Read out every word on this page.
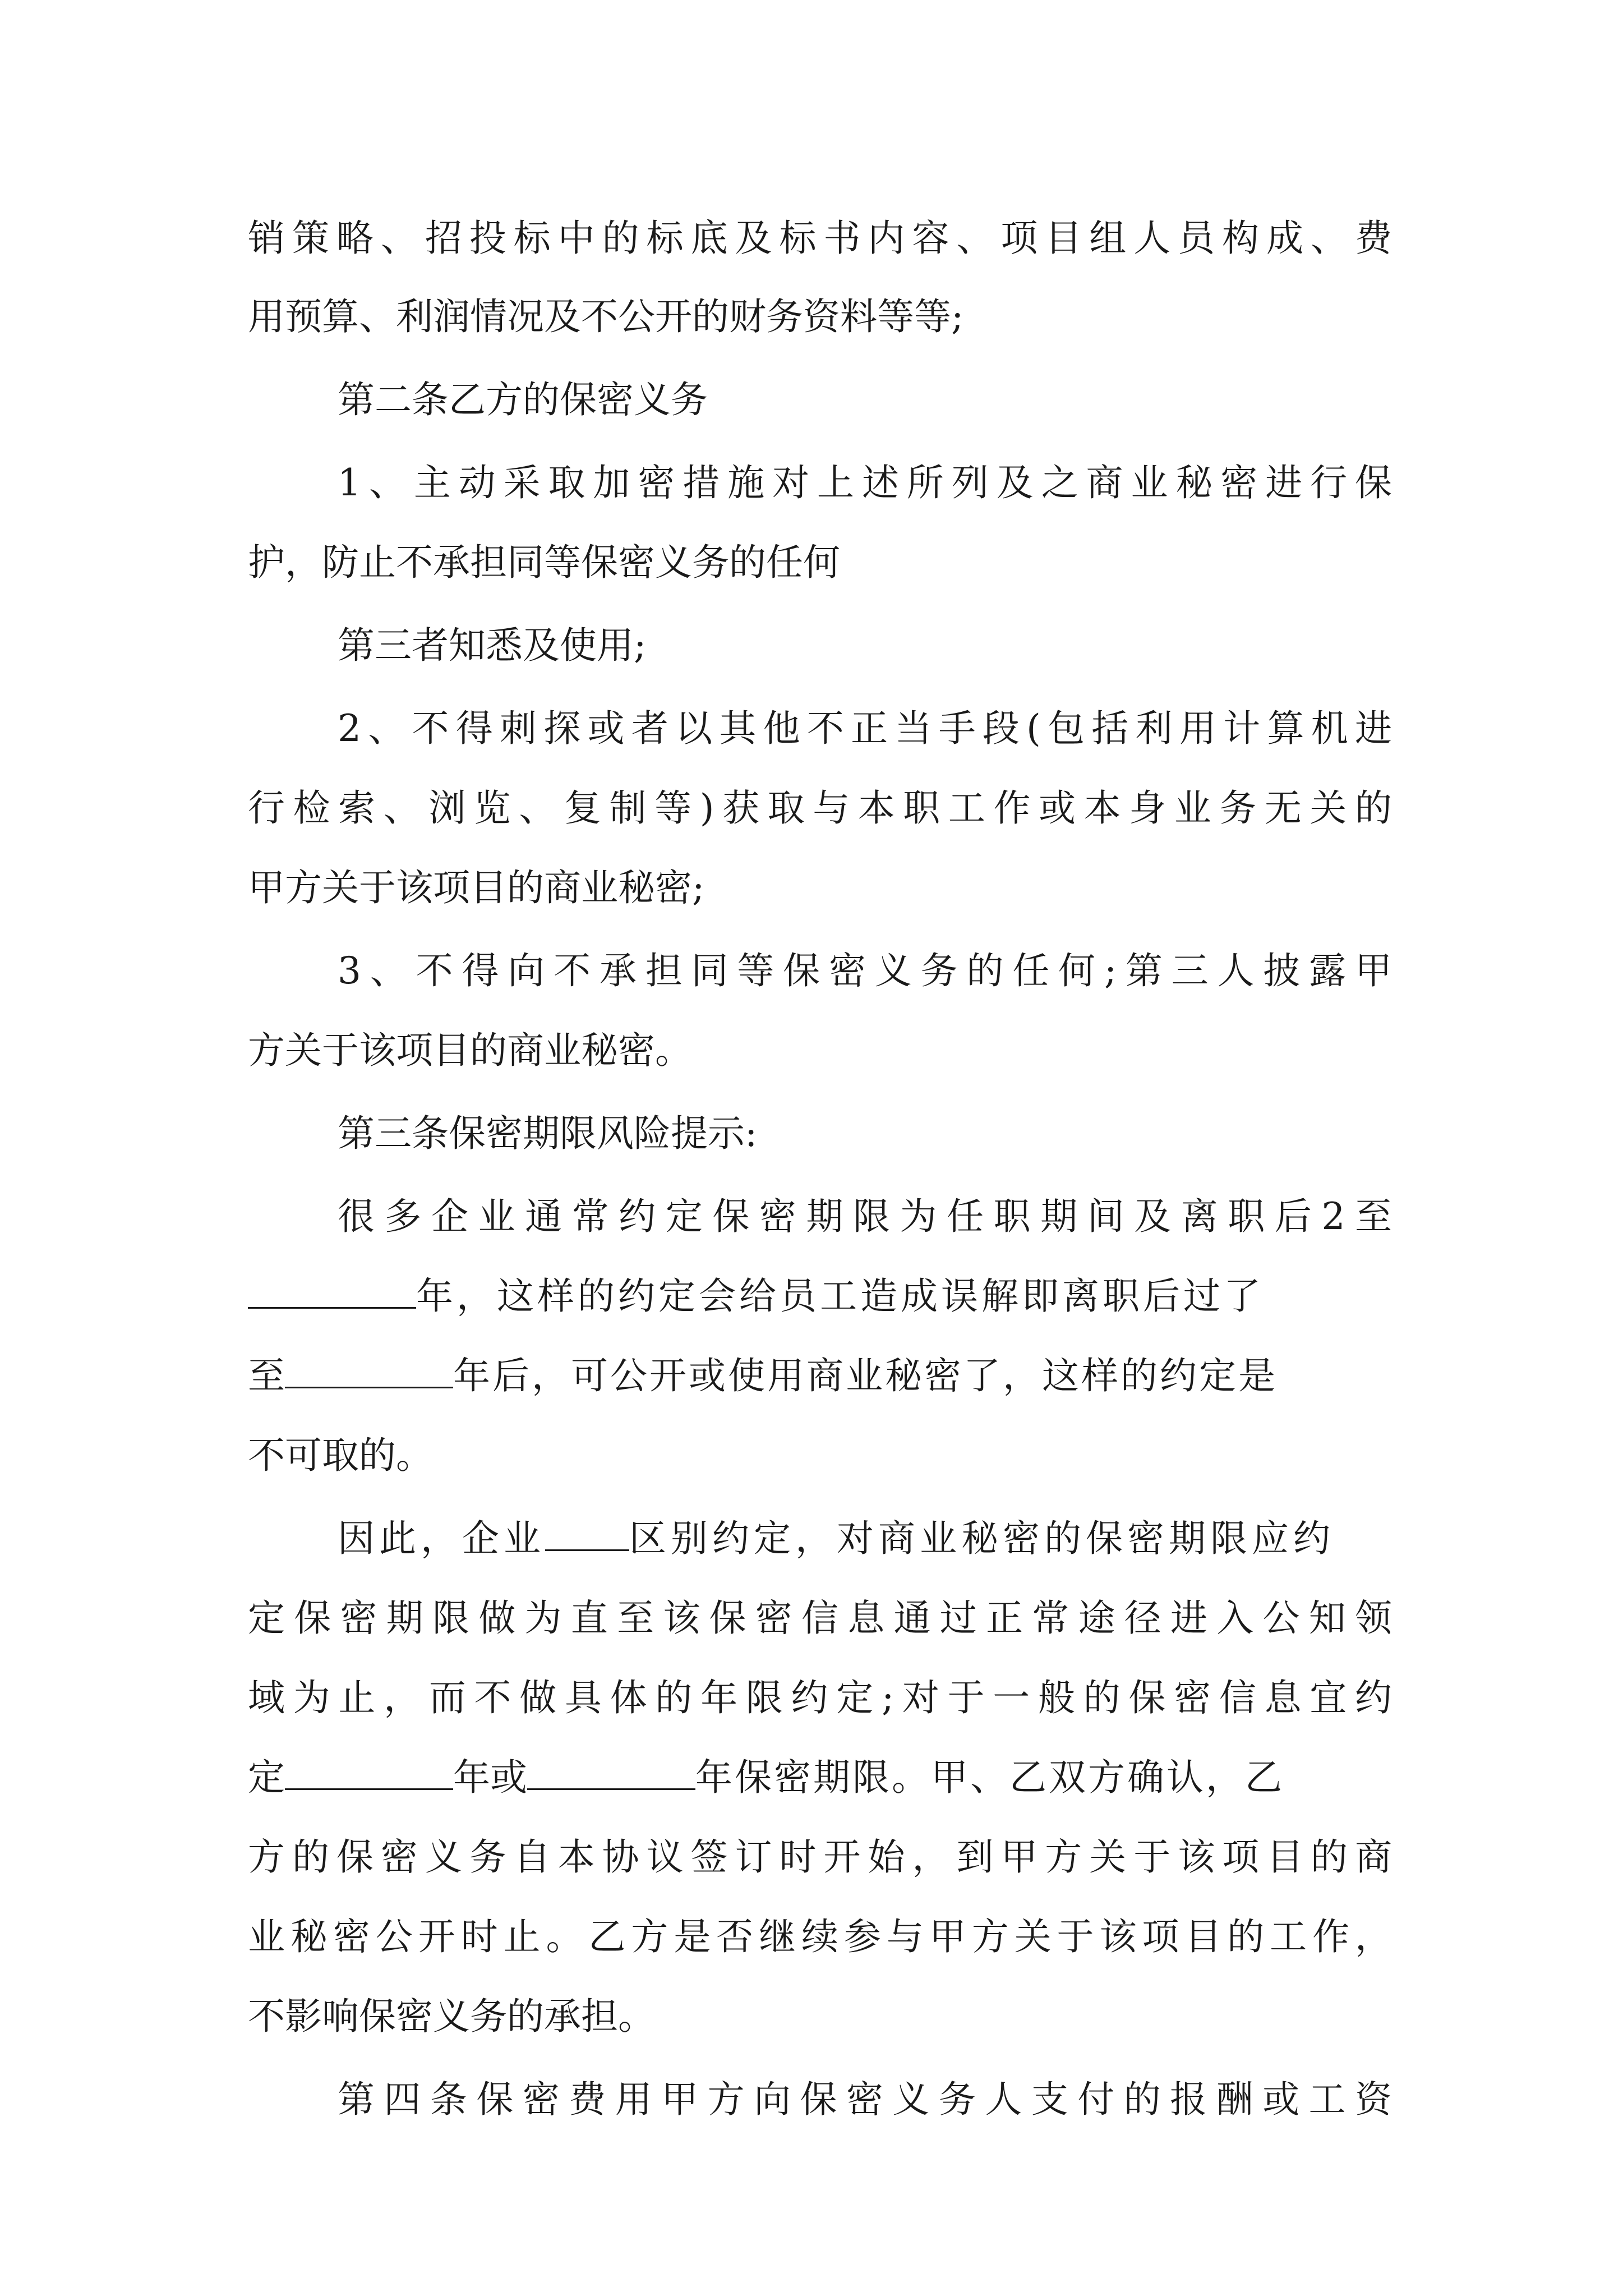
销策略、招投标中的标底及标书内容、项目组人员构成、费
用预算、利润情况及不公开的财务资料等等;
第二条乙方的保密义务
1、主动采取加密措施对上述所列及之商业秘密进行保
护，防止不承担同等保密义务的任何
第三者知悉及使用;
2、不得刺探或者以其他不正当手段(包括利用计算机进
行检索、浏览、复制等)获取与本职工作或本身业务无关的
甲方关于该项目的商业秘密;
3、不得向不承担同等保密义务的任何;第三人披露甲
方关于该项目的商业秘密。
第三条保密期限风险提示:
很多企业通常约定保密期限为任职期间及离职后2至
年，这样的约定会给员工造成误解即离职后过了
至	年后，可公开或使用商业秘密了，这样的约定是
不可取的。
因此，企业 区别约定，对商业秘密的保密期限应约
定保密期限做为直至该保密信息通过正常途径进入公知领
域为止，而不做具体的年限约定;对于一般的保密信息宜约
定	年或	年保密期限。甲、乙双方确认，乙
方的保密义务自本协议签订时开始，到甲方关于该项目的商
业秘密公开时止。乙方是否继续参与甲方关于该项目的工作，
不影响保密义务的承担。
第四条保密费用甲方向保密义务人支付的报酬或工资
